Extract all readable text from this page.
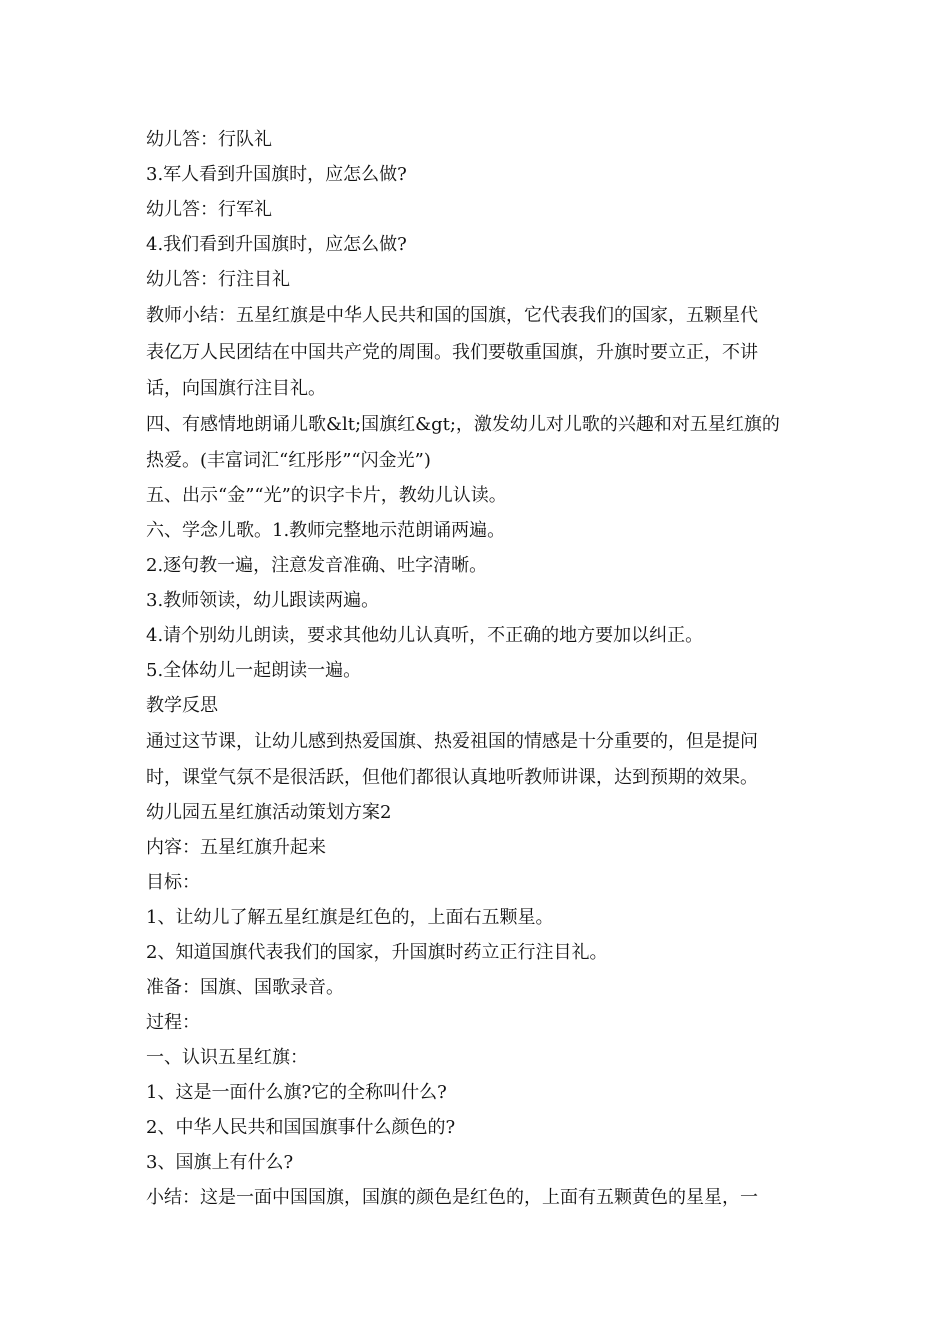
幼儿答：行队礼

3.军人看到升国旗时，应怎么做?

幼儿答：行军礼

4.我们看到升国旗时，应怎么做?

幼儿答：行注目礼

教师小结：五星红旗是中华人民共和国的国旗，它代表我们的国家，五颗星代

表亿万人民团结在中国共产党的周围。我们要敬重国旗，升旗时要立正，不讲

话，向国旗行注目礼。

四、有感情地朗诵儿歌&lt;国旗红&gt;，激发幼儿对儿歌的兴趣和对五星红旗的

热爱。(丰富词汇“红彤彤”“闪金光”)

五、出示“金”“光”的识字卡片，教幼儿认读。

六、学念儿歌。1.教师完整地示范朗诵两遍。

2.逐句教一遍，注意发音准确、吐字清晰。

3.教师领读，幼儿跟读两遍。

4.请个别幼儿朗读，要求其他幼儿认真听，不正确的地方要加以纠正。

5.全体幼儿一起朗读一遍。

教学反思

通过这节课，让幼儿感到热爱国旗、热爱祖国的情感是十分重要的，但是提问

时，课堂气氛不是很活跃，但他们都很认真地听教师讲课，达到预期的效果。

幼儿园五星红旗活动策划方案2

内容：五星红旗升起来

目标：

1、让幼儿了解五星红旗是红色的，上面右五颗星。

2、知道国旗代表我们的国家，升国旗时药立正行注目礼。

准备：国旗、国歌录音。

过程：

一、认识五星红旗：

1、这是一面什么旗?它的全称叫什么?

2、中华人民共和国国旗事什么颜色的?

3、国旗上有什么?

小结：这是一面中国国旗，国旗的颜色是红色的，上面有五颗黄色的星星，一
